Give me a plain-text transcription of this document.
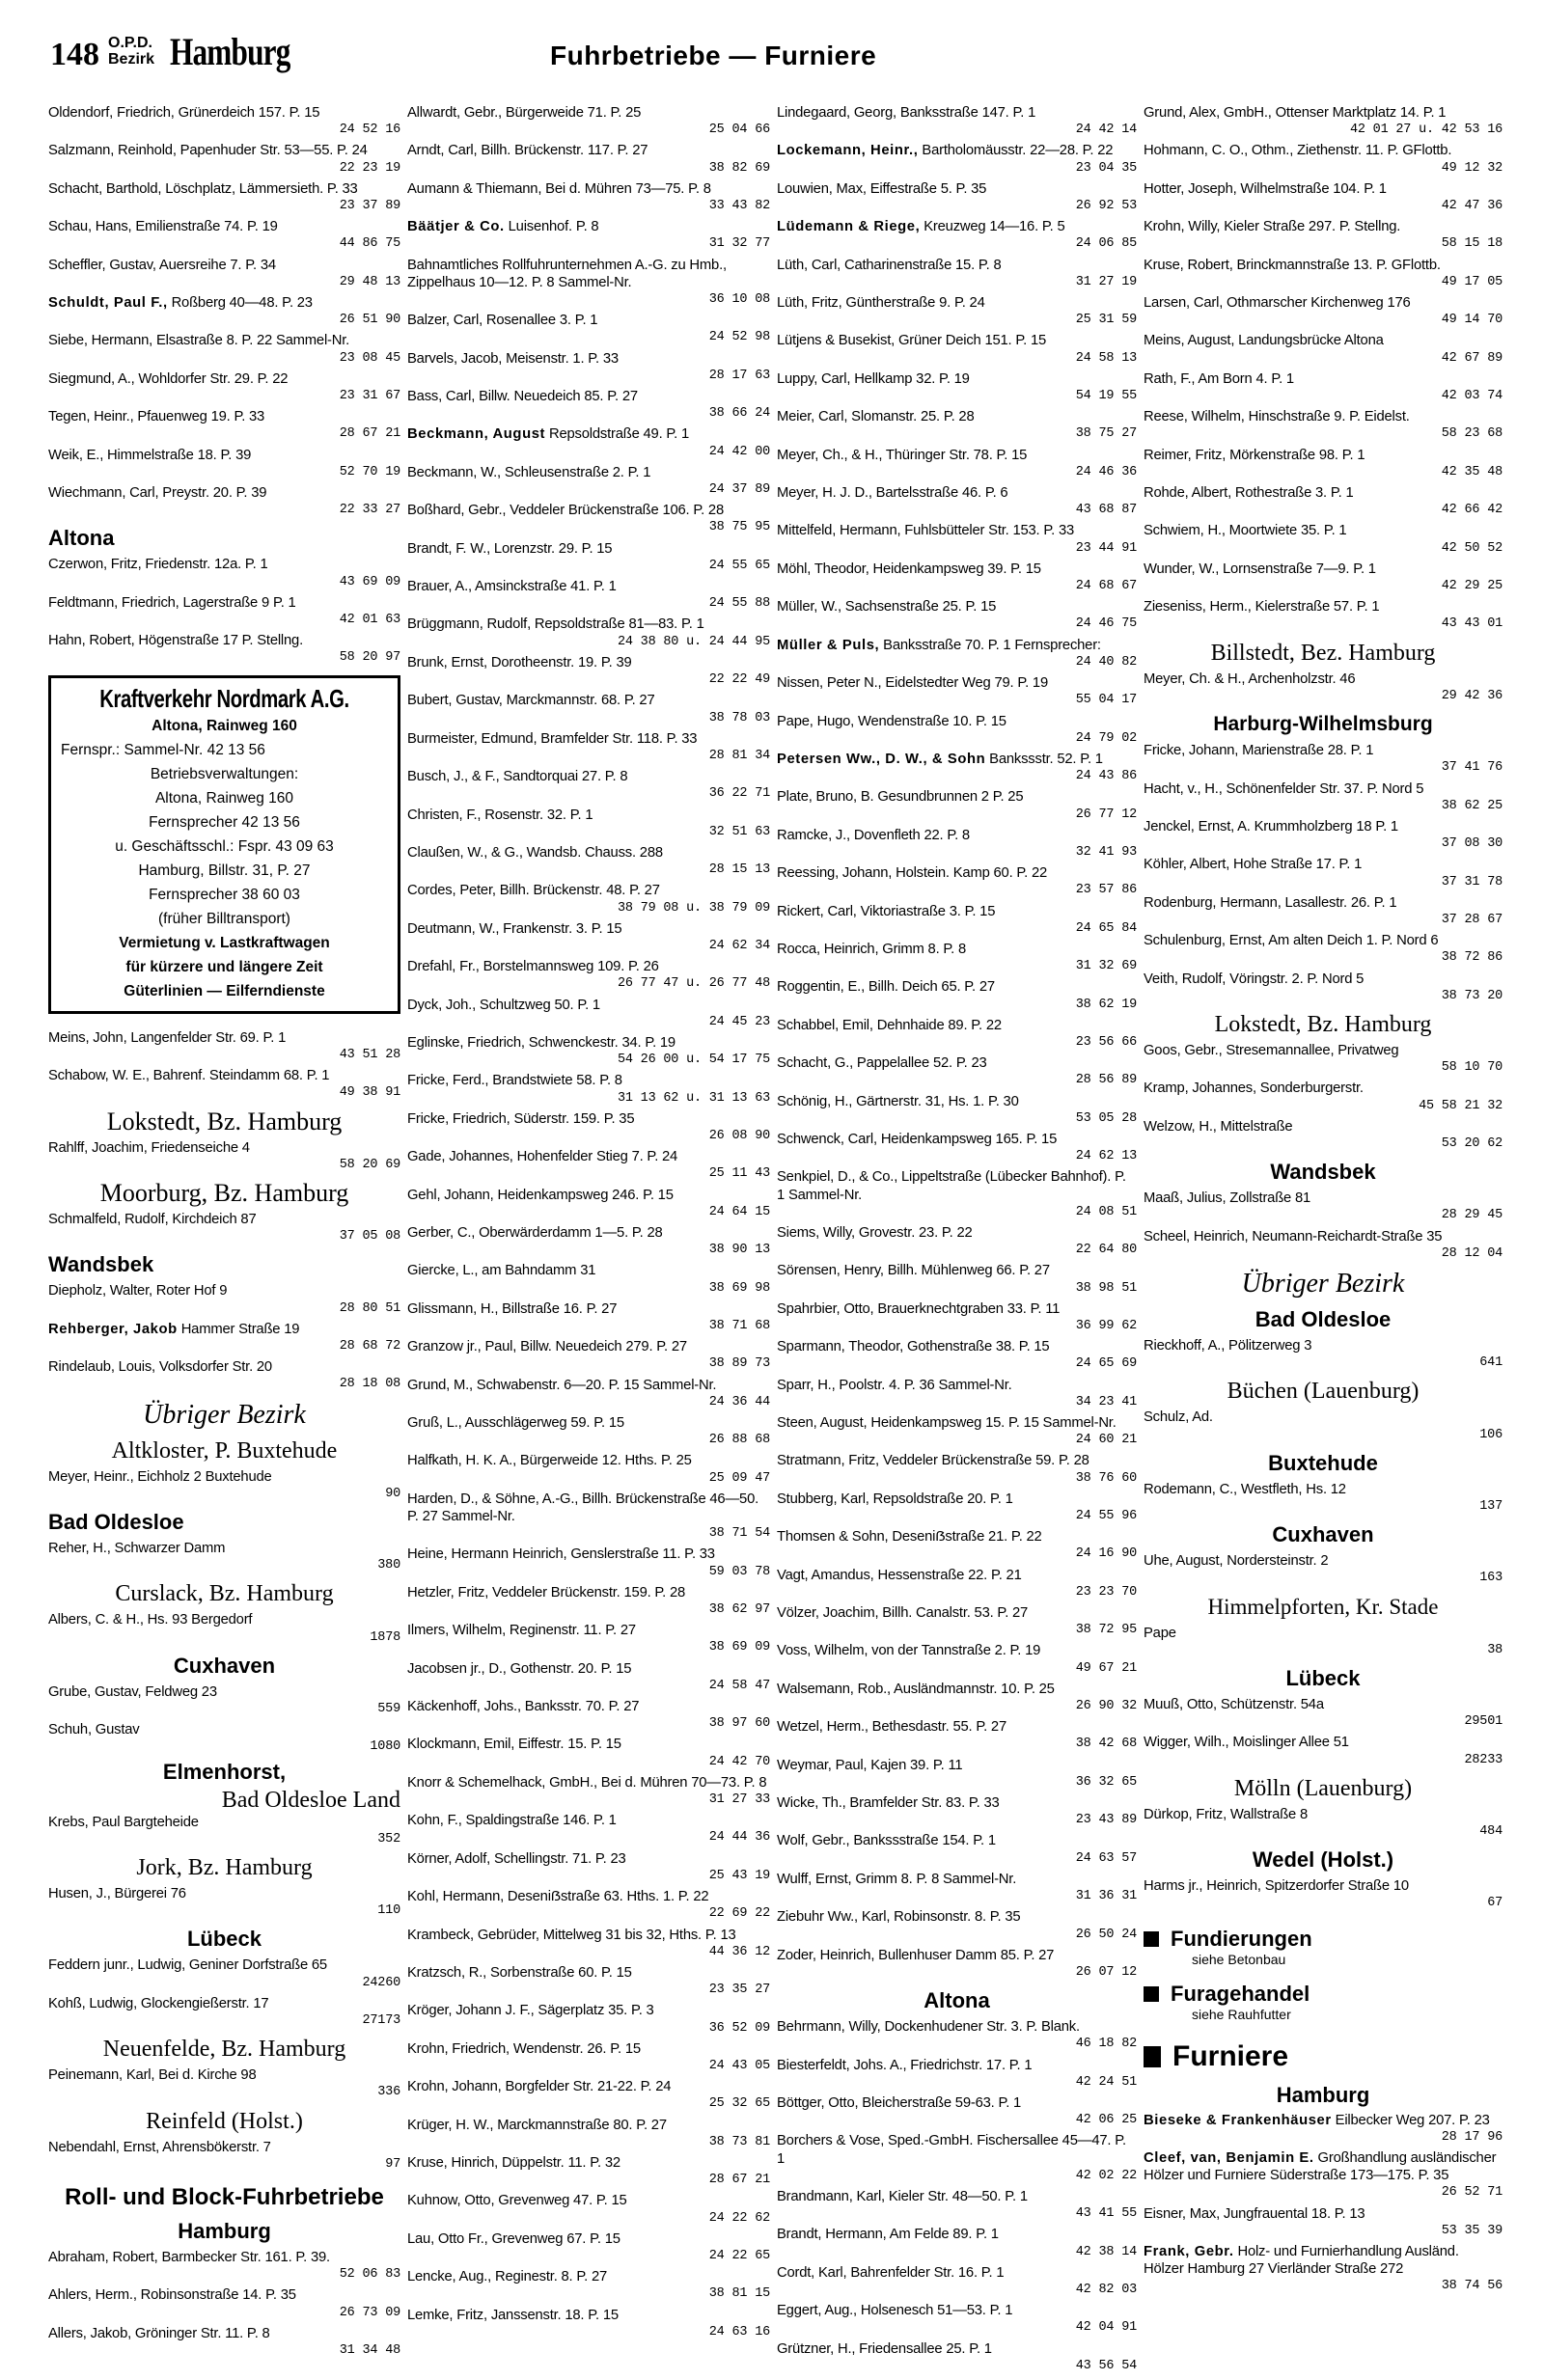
148 O.P.D.
Bezirk Hamburg	Fuhrbetriebe — Furniere
Oldendorf, Friedrich, Grünerdeich 157. P. 15
24 52 16
Salzmann, Reinhold, Papenhuder Str. 53—55. P. 24
22 23 19
Schacht, Barthold, Löschplatz, Lämmersieth. P. 33
23 37 89
Schau, Hans, Emilienstraße 74. P. 19
44 86 75
Scheffler, Gustav, Auersreihe 7. P. 34
29 48 13
Schuldt, Paul F., Roßberg 40—48. P. 23
26 51 90
Siebe, Hermann, Elsastraße 8. P. 22 Sammel-Nr.
23 08 45
Siegmund, A., Wohldorfer Str. 29. P. 22
23 31 67
Tegen, Heinr., Pfauenweg 19. P. 33
28 67 21
Weik, E., Himmelstraße 18. P. 39
52 70 19
Wiechmann, Carl, Preystr. 20. P. 39
22 33 27
Altona
Czerwon, Fritz, Friedenstr. 12a. P. 1
43 69 09
Feldtmann, Friedrich, Lagerstraße 9 P. 1
42 01 63
Hahn, Robert, Högenstraße 17 P. Stellng.
58 20 97
Kraftverkehr Nordmark A.G.
Altona, Rainweg 160
Fernspr.: Sammel-Nr. 42 13 56
Betriebsverwaltungen:
Altona, Rainweg 160
Fernsprecher 42 13 56
u. Geschäftsschl.: Fspr. 43 09 63
Hamburg, Billstr. 31, P. 27
Fernsprecher 38 60 03
(früher Billtransport)
Vermietung v. Lastkraftwagen
für kürzere und längere Zeit
Güterlinien — Eilferndienste
Meins, John, Langenfelder Str. 69. P. 1
43 51 28
Schabow, W. E., Bahrenf. Steindamm 68. P. 1
49 38 91
Lokstedt, Bz. Hamburg
Rahlff, Joachim, Friedenseiche 4
58 20 69
Moorburg, Bz. Hamburg
Schmalfeld, Rudolf, Kirchdeich 87
37 05 08
Wandsbek
Diepholz, Walter, Roter Hof 9
28 80 51
Rehberger, Jakob Hammer Straße 19
28 68 72
Rindelaub, Louis, Volksdorfer Str. 20
28 18 08
Übriger Bezirk
Altkloster, P. Buxtehude
Meyer, Heinr., Eichholz 2 Buxtehude
90
Bad Oldesloe
Reher, H., Schwarzer Damm
380
Curslack, Bz. Hamburg
Albers, C. & H., Hs. 93 Bergedorf
1878
Cuxhaven
Grube, Gustav, Feldweg 23
559
Schuh, Gustav
1080
Elmenhorst,
Bad Oldesloe Land
Krebs, Paul Bargteheide
352
Jork, Bz. Hamburg
Husen, J., Bürgerei 76
110
Lübeck
Feddern junr., Ludwig, Geniner Dorfstraße 65
24260
Kohß, Ludwig, Glockengießerstr. 17
27173
Neuenfelde, Bz. Hamburg
Peinemann, Karl, Bei d. Kirche 98
336
Reinfeld (Holst.)
Nebendahl, Ernst, Ahrensbökerstr. 7
97
Roll- und Block-Fuhrbetriebe
Hamburg
Abraham, Robert, Barmbecker Str. 161. P. 39.
52 06 83
Ahlers, Herm., Robinsonstraße 14. P. 35
26 73 09
Allers, Jakob, Gröninger Str. 11. P. 8
31 34 48
Allwardt, Gebr., Bürgerweide 71. P. 25
25 04 66
Arndt, Carl, Billh. Brückenstr. 117. P. 27
38 82 69
Aumann & Thiemann, Bei d. Mühren 73—75. P. 8
33 43 82
Bäätjer & Co. Luisenhof. P. 8
31 32 77
Bahnamtliches Rollfuhrunternehmen A.-G. zu Hmb., Zippelhaus 10—12. P. 8 Sammel-Nr.
36 10 08
Balzer, Carl, Rosenallee 3. P. 1
24 52 98
Barvels, Jacob, Meisenstr. 1. P. 33
28 17 63
Bass, Carl, Billw. Neuedeich 85. P. 27
38 66 24
Beckmann, August Repsoldstraße 49. P. 1
24 42 00
Beckmann, W., Schleusenstraße 2. P. 1
24 37 89
Boßhard, Gebr., Veddeler Brückenstraße 106. P. 28
38 75 95
Brandt, F. W., Lorenzstr. 29. P. 15
24 55 65
Brauer, A., Amsinckstraße 41. P. 1
24 55 88
Brüggmann, Rudolf, Repsoldstraße 81—83. P. 1
24 38 80 u. 24 44 95
Brunk, Ernst, Dorotheenstr. 19. P. 39
22 22 49
Bubert, Gustav, Marckmannstr. 68. P. 27
38 78 03
Burmeister, Edmund, Bramfelder Str. 118. P. 33
28 81 34
Busch, J., & F., Sandtorquai 27. P. 8
36 22 71
Christen, F., Rosenstr. 32. P. 1
32 51 63
Claußen, W., & G., Wandsb. Chauss. 288
28 15 13
Cordes, Peter, Billh. Brückenstr. 48. P. 27
38 79 08 u. 38 79 09
Deutmann, W., Frankenstr. 3. P. 15
24 62 34
Drefahl, Fr., Borstelmannsweg 109. P. 26
26 77 47 u. 26 77 48
Dyck, Joh., Schultzweg 50. P. 1
24 45 23
Eglinske, Friedrich, Schwenckestr. 34. P. 19
54 26 00 u. 54 17 75
Fricke, Ferd., Brandstwiete 58. P. 8
31 13 62 u. 31 13 63
Fricke, Friedrich, Süderstr. 159. P. 35
26 08 90
Gade, Johannes, Hohenfelder Stieg 7. P. 24
25 11 43
Gehl, Johann, Heidenkampsweg 246. P. 15
24 64 15
Gerber, C., Oberwärderdamm 1—5. P. 28
38 90 13
Giercke, L., am Bahndamm 31
38 69 98
Glissmann, H., Billstraße 16. P. 27
38 71 68
Granzow jr., Paul, Billw. Neuedeich 279. P. 27
38 89 73
Grund, M., Schwabenstr. 6—20. P. 15 Sammel-Nr.
24 36 44
Gruß, L., Ausschlägerweg 59. P. 15
26 88 68
Halfkath, H. K. A., Bürgerweide 12. Hths. P. 25
25 09 47
Harden, D., & Söhne, A.-G., Billh. Brückenstraße 46—50. P. 27 Sammel-Nr.
38 71 54
Heine, Hermann Heinrich, Genslerstraße 11. P. 33
59 03 78
Hetzler, Fritz, Veddeler Brückenstr. 159. P. 28
38 62 97
Ilmers, Wilhelm, Reginenstr. 11. P. 27
38 69 09
Jacobsen jr., D., Gothenstr. 20. P. 15
24 58 47
Käckenhoff, Johs., Banksstr. 70. P. 27
38 97 60
Klockmann, Emil, Eiffestr. 15. P. 15
24 42 70
Knorr & Schemelhack, GmbH., Bei d. Mühren 70—73. P. 8
31 27 33
Kohn, F., Spaldingstraße 146. P. 1
24 44 36
Körner, Adolf, Schellingstr. 71. P. 23
25 43 19
Kohl, Hermann, Deseniẞstraße 63. Hths. 1. P. 22
22 69 22
Krambeck, Gebrüder, Mittelweg 31 bis 32, Hths. P. 13
44 36 12
Kratzsch, R., Sorbenstraße 60. P. 15
23 35 27
Kröger, Johann J. F., Sägerplatz 35. P. 3
36 52 09
Krohn, Friedrich, Wendenstr. 26. P. 15
24 43 05
Krohn, Johann, Borgfelder Str. 21-22. P. 24
25 32 65
Krüger, H. W., Marckmannstraße 80. P. 27
38 73 81
Kruse, Hinrich, Düppelstr. 11. P. 32
28 67 21
Kuhnow, Otto, Grevenweg 47. P. 15
24 22 62
Lau, Otto Fr., Grevenweg 67. P. 15
24 22 65
Lencke, Aug., Reginestr. 8. P. 27
38 81 15
Lemke, Fritz, Janssenstr. 18. P. 15
24 63 16
Lindegaard, Georg, Banksstraße 147. P. 1
24 42 14
Lockemann, Heinr., Bartholomäusstr. 22—28. P. 22
23 04 35
Louwien, Max, Eiffestraße 5. P. 35
26 92 53
Lüdemann & Riege, Kreuzweg 14—16. P. 5
24 06 85
Lüth, Carl, Catharinenstraße 15. P. 8
31 27 19
Lüth, Fritz, Güntherstraße 9. P. 24
25 31 59
Lütjens & Busekist, Grüner Deich 151. P. 15
24 58 13
Luppy, Carl, Hellkamp 32. P. 19
54 19 55
Meier, Carl, Slomanstr. 25. P. 28
38 75 27
Meyer, Ch., & H., Thüringer Str. 78. P. 15
24 46 36
Meyer, H. J. D., Bartelsstraße 46. P. 6
43 68 87
Mittelfeld, Hermann, Fuhlsbütteler Str. 153. P. 33
23 44 91
Möhl, Theodor, Heidenkampsweg 39. P. 15
24 68 67
Müller, W., Sachsenstraße 25. P. 15
24 46 75
Müller & Puls, Banksstraße 70. P. 1 Fernsprecher:
24 40 82
Nissen, Peter N., Eidelstedter Weg 79. P. 19
55 04 17
Pape, Hugo, Wendenstraße 10. P. 15
24 79 02
Petersen Ww., D. W., & Sohn Bankssstr. 52. P. 1
24 43 86
Plate, Bruno, B. Gesundbrunnen 2 P. 25
26 77 12
Ramcke, J., Dovenfleth 22. P. 8
32 41 93
Reessing, Johann, Holstein. Kamp 60. P. 22
23 57 86
Rickert, Carl, Viktoriastraße 3. P. 15
24 65 84
Rocca, Heinrich, Grimm 8. P. 8
31 32 69
Roggentin, E., Billh. Deich 65. P. 27
38 62 19
Schabbel, Emil, Dehnhaide 89. P. 22
23 56 66
Schacht, G., Pappelallee 52. P. 23
28 56 89
Schönig, H., Gärtnerstr. 31, Hs. 1. P. 30
53 05 28
Schwenck, Carl, Heidenkampsweg 165. P. 15
24 62 13
Senkpiel, D., & Co., Lippeltstraße (Lübecker Bahnhof). P. 1 Sammel-Nr.
24 08 51
Siems, Willy, Grovestr. 23. P. 22
22 64 80
Sörensen, Henry, Billh. Mühlenweg 66. P. 27
38 98 51
Spahrbier, Otto, Brauerknechtgraben 33. P. 11
36 99 62
Sparmann, Theodor, Gothenstraße 38. P. 15
24 65 69
Sparr, H., Poolstr. 4. P. 36 Sammel-Nr.
34 23 41
Steen, August, Heidenkampsweg 15. P. 15 Sammel-Nr.
24 60 21
Stratmann, Fritz, Veddeler Brückenstraße 59. P. 28
38 76 60
Stubberg, Karl, Repsoldstraße 20. P. 1
24 55 96
Thomsen & Sohn, Deseniẞstraße 21. P. 22
24 16 90
Vagt, Amandus, Hessenstraße 22. P. 21
23 23 70
Völzer, Joachim, Billh. Canalstr. 53. P. 27
38 72 95
Voss, Wilhelm, von der Tannstraße 2. P. 19
49 67 21
Walsemann, Rob., Ausländmannstr. 10. P. 25
26 90 32
Wetzel, Herm., Bethesdastr. 55. P. 27
38 42 68
Weymar, Paul, Kajen 39. P. 11
36 32 65
Wicke, Th., Bramfelder Str. 83. P. 33
23 43 89
Wolf, Gebr., Bankssstraße 154. P. 1
24 63 57
Wulff, Ernst, Grimm 8. P. 8 Sammel-Nr.
31 36 31
Ziebuhr Ww., Karl, Robinsonstr. 8. P. 35
26 50 24
Zoder, Heinrich, Bullenhuser Damm 85. P. 27
26 07 12
Altona
Behrmann, Willy, Dockenhudener Str. 3. P. Blank.
46 18 82
Biesterfeldt, Johs. A., Friedrichstr. 17. P. 1
42 24 51
Böttger, Otto, Bleicherstraße 59-63. P. 1
42 06 25
Borchers & Vose, Sped.-GmbH. Fischersallee 45—47. P. 1
42 02 22
Brandmann, Karl, Kieler Str. 48—50. P. 1
43 41 55
Brandt, Hermann, Am Felde 89. P. 1
42 38 14
Cordt, Karl, Bahrenfelder Str. 16. P. 1
42 82 03
Eggert, Aug., Holsenesch 51—53. P. 1
42 04 91
Grützner, H., Friedensallee 25. P. 1
43 56 54
Grund, Alex, GmbH., Ottenser Marktplatz 14. P. 1
42 01 27 u. 42 53 16
Hohmann, C. O., Othm., Ziethenstr. 11. P. GFlottb.
49 12 32
Hotter, Joseph, Wilhelmstraße 104. P. 1
42 47 36
Krohn, Willy, Kieler Straße 297. P. Stellng.
58 15 18
Kruse, Robert, Brinckmannstraße 13. P. GFlottb.
49 17 05
Larsen, Carl, Othmarscher Kirchenweg 176
49 14 70
Meins, August, Landungsbrücke Altona
42 67 89
Rath, F., Am Born 4. P. 1
42 03 74
Reese, Wilhelm, Hinschstraße 9. P. Eidelst.
58 23 68
Reimer, Fritz, Mörkenstraße 98. P. 1
42 35 48
Rohde, Albert, Rothestraße 3. P. 1
42 66 42
Schwiem, H., Moortwiete 35. P. 1
42 50 52
Wunder, W., Lornsenstraße 7—9. P. 1
42 29 25
Zieseniss, Herm., Kielerstraße 57. P. 1
43 43 01
Billstedt, Bez. Hamburg
Meyer, Ch. & H., Archenholzstr. 46
29 42 36
Harburg-Wilhelmsburg
Fricke, Johann, Marienstraße 28. P. 1
37 41 76
Hacht, v., H., Schönenfelder Str. 37. P. Nord 5
38 62 25
Jenckel, Ernst, A. Krummholzberg 18 P. 1
37 08 30
Köhler, Albert, Hohe Straße 17. P. 1
37 31 78
Rodenburg, Hermann, Lasallestr. 26. P. 1
37 28 67
Schulenburg, Ernst, Am alten Deich 1. P. Nord 6
38 72 86
Veith, Rudolf, Vöringstr. 2. P. Nord 5
38 73 20
Lokstedt, Bz. Hamburg
Goos, Gebr., Stresemannallee, Privatweg
58 10 70
Kramp, Johannes, Sonderburgerstr.
45 58 21 32
Welzow, H., Mittelstraße
53 20 62
Wandsbek
Maaß, Julius, Zollstraße 81
28 29 45
Scheel, Heinrich, Neumann-Reichardt-Straße 35
28 12 04
Übriger Bezirk
Bad Oldesloe
Rieckhoff, A., Pölitzerweg 3
641
Büchen (Lauenburg)
Schulz, Ad.
106
Buxtehude
Rodemann, C., Westfleth, Hs. 12
137
Cuxhaven
Uhe, August, Nordersteinstr. 2
163
Himmelpforten, Kr. Stade
Pape
38
Lübeck
Muuß, Otto, Schützenstr. 54a
29501
Wigger, Wilh., Moislinger Allee 51
28233
Mölln (Lauenburg)
Dürkop, Fritz, Wallstraße 8
484
Wedel (Holst.)
Harms jr., Heinrich, Spitzerdorfer Straße 10
67
Fundierungen
siehe Betonbau
Furagehandel
siehe Rauhfutter
Furniere
Hamburg
Bieseke & Frankenhäuser Eilbecker Weg 207. P. 23
28 17 96
Cleef, van, Benjamin E. Großhandlung ausländischer Hölzer und Furniere Süderstraße 173—175. P. 35
26 52 71
Eisner, Max, Jungfrauental 18. P. 13
53 35 39
Frank, Gebr. Holz- und Furnierhandlung Ausländ. Hölzer Hamburg 27 Vierländer Straße 272
38 74 56
